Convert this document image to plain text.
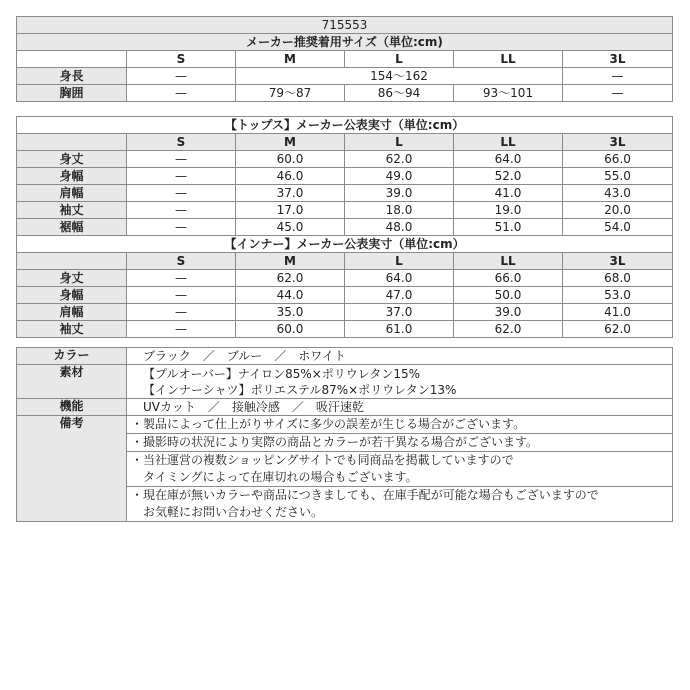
715553					
メーカー推奨着用サイズ（単位:cm)					
	S	M	L	LL	3L
身長	—	154～162			—
胸囲	—	79～87	86～94	93～101	—
【トップス】メーカー公表実寸（単位:cm）					
	S	M	L	LL	3L
身丈	—	60.0	62.0	64.0	66.0
身幅	—	46.0	49.0	52.0	55.0
肩幅	—	37.0	39.0	41.0	43.0
袖丈	—	17.0	18.0	19.0	20.0
裾幅	—	45.0	48.0	51.0	54.0
【インナー】メーカー公表実寸（単位:cm）					
	S	M	L	LL	3L
身丈	—	62.0	64.0	66.0	68.0
身幅	—	44.0	47.0	50.0	53.0
肩幅	—	35.0	37.0	39.0	41.0
袖丈	—	60.0	61.0	62.0	62.0
カラー	ブラック　／　ブルー　／　ホワイト
素材	【プルオーバー】ナイロン85%×ポリウレタン15%
【インナーシャツ】ポリエステル87%×ポリウレタン13%

機能	UVカット　／　接触冷感　／　吸汗速乾
備考	・製品によって仕上がりサイズに多少の誤差が生じる場合がございます。

	・撮影時の状況により実際の商品とカラーが若干異なる場合がございます。

	・当社運営の複数ショッピングサイトでも同商品を掲載していますので
　タイミングによって在庫切れの場合もございます。

	・現在庫が無いカラーや商品につきましても、在庫手配が可能な場合もございますので
　お気軽にお問い合わせください。
